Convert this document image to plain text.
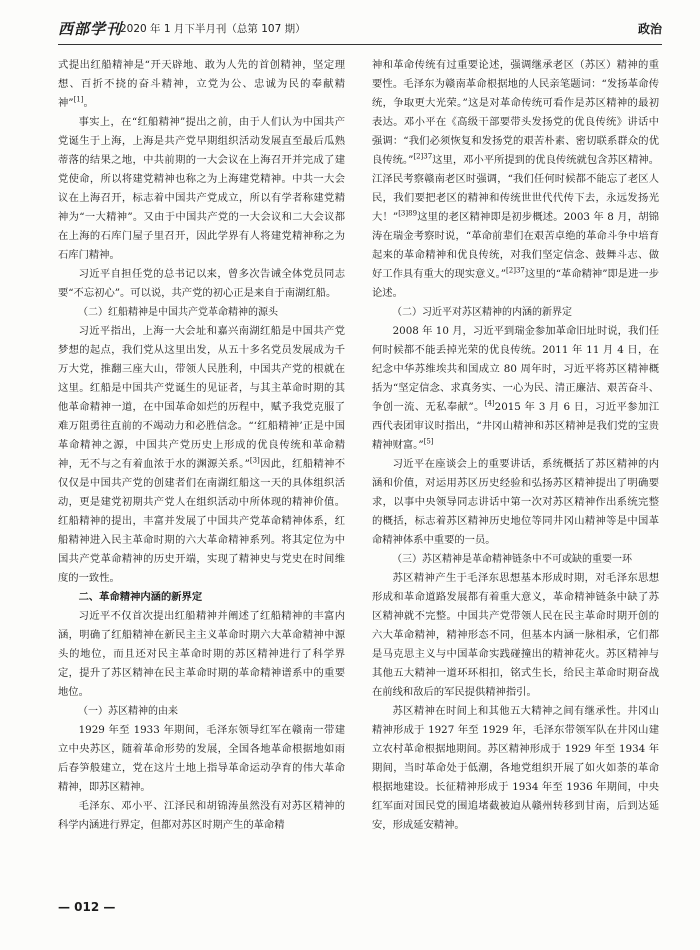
西部学刊
2020 年 1 月下半月刊（总第 107 期）	政治

式提出红船精神是“开天辟地、敢为人先的首创精神，坚定理想、百折不挠的奋斗精神，立党为公、忠诚为民的奉献精神”[1]。

事实上，在“红船精神”提出之前，由于人们认为中国共产党诞生于上海，上海是共产党早期组织活动发展直至最后瓜熟蒂落的结果之地，中共前期的一大会议在上海召开并完成了建党使命，所以将建党精神也称之为上海建党精神。中共一大会议在上海召开，标志着中国共产党成立，所以有学者称建党精神为“一大精神”。又由于中国共产党的一大会议和二大会议都在上海的石库门屋子里召开，因此学界有人将建党精神称之为石库门精神。

习近平自担任党的总书记以来，曾多次告诫全体党员同志要“不忘初心”。可以说，共产党的初心正是来自于南湖红船。

（二）红船精神是中国共产党革命精神的源头

习近平指出，上海一大会址和嘉兴南湖红船是中国共产党梦想的起点，我们党从这里出发，从五十多名党员发展成为千万大党，推翻三座大山，带领人民胜利，中国共产党的根就在这里。红船是中国共产党诞生的见证者，与其主革命时期的其他革命精神一道，在中国革命如烂的历程中，赋予我党克服了难万阻勇往直前的不竭动力和必胜信念。“‘红船精神’正是中国革命精神之源，中国共产党历史上形成的优良传统和革命精神，无不与之有着血浓于水的渊源关系。”[3]因此，红船精神不仅仅是中国共产党的创建者们在南湖红船这一天的具体组织活动，更是建党初期共产党人在组织活动中所体现的精神价值。红船精神的提出，丰富并发展了中国共产党革命精神体系，红船精神进入民主革命时期的六大革命精神系列。将其定位为中国共产党革命精神的历史开端，实现了精神史与党史在时间维度的一致性。

二、革命精神内涵的新界定

习近平不仅首次提出红船精神并阐述了红船精神的丰富内涵，明确了红船精神在新民主主义革命时期六大革命精神中源头的地位，而且还对民主革命时期的苏区精神进行了科学界定，提升了苏区精神在民主革命时期的革命精神谱系中的重要地位。

（一）苏区精神的由来

1929 年至 1933 年期间，毛泽东领导红军在赣南一带建立中央苏区，随着革命形势的发展，全国各地革命根据地如雨后春笋般建立，党在这片土地上指导革命运动孕育的伟大革命精神，即苏区精神。

毛泽东、邓小平、江泽民和胡锦涛虽然没有对苏区精神的科学内涵进行界定，但都对苏区时期产生的革命精

神和革命传统有过重要论述，强调继承老区（苏区）精神的重要性。毛泽东为赣南革命根据地的人民亲笔题词：“发扬革命传统，争取更大光荣。”这是对革命传统可看作是苏区精神的最初表达。邓小平在《高级干部要带头发扬党的优良传统》讲话中强调：“我们必须恢复和发扬党的艰苦朴素、密切联系群众的优良传统。”$^{[2]37}$这里，邓小平所提到的优良传统就包含苏区精神。江泽民考察赣南老区时强调，“我们任何时候都不能忘了老区人民，我们要把老区的精神和传统世世代代传下去，永远发扬光大！”$^{[3]89}$这里的老区精神即是初步概述。2003 年 8 月，胡锦涛在瑞金考察时说，“革命前辈们在艰苦卓绝的革命斗争中培育起来的革命精神和优良传统，对我们坚定信念、鼓舞斗志、做好工作具有重大的现实意义。”$^{[2]37}$这里的“革命精神”即是进一步论述。

（二）习近平对苏区精神的内涵的新界定

2008 年 10 月，习近平到瑞金参加革命旧址时说，我们任何时候都不能丢掉光荣的优良传统。2011 年 11 月 4 日，在纪念中华苏维埃共和国成立 80 周年时，习近平将苏区精神概括为“坚定信念、求真务实、一心为民、清正廉洁、艰苦奋斗、争创一流、无私奉献”。[4]2015 年 3 月 6 日，习近平参加江西代表团审议时指出，“井冈山精神和苏区精神是我们党的宝贵精神财富。”[5]

习近平在座谈会上的重要讲话，系统概括了苏区精神的内涵和价值，对运用苏区历史经验和弘扬苏区精神提出了明确要求，以事中央领导同志讲话中第一次对苏区精神作出系统完整的概括，标志着苏区精神历史地位等同井冈山精神等是中国革命精神体系中重要的一员。

（三）苏区精神是革命精神链条中不可或缺的重要一环

苏区精神产生于毛泽东思想基本形成时期，对毛泽东思想形成和革命道路发展都有着重大意义，革命精神链条中缺了苏区精神就不完整。中国共产党带领人民在民主革命时期开创的六大革命精神，精神形态不同，但基本内涵一脉相承，它们都是马克思主义与中国革命实践碰撞出的精神花火。苏区精神与其他五大精神一道环环相扣，铭式生长，给民主革命时期奋战在前线和敌后的军民提供精神指引。

苏区精神在时间上和其他五大精神之间有继承性。井冈山精神形成于 1927 年至 1929 年，毛泽东带领军队在井冈山建立农村革命根据地期间。苏区精神形成于 1929 年至 1934 年期间，当时革命处于低潮，各地党组织开展了如火如荼的革命根据地建设。长征精神形成于 1934 年至 1936 年期间，中央红军面对国民党的围追堵截被迫从赣州转移到甘南，后到达延安，形成延安精神。

— 012 —
